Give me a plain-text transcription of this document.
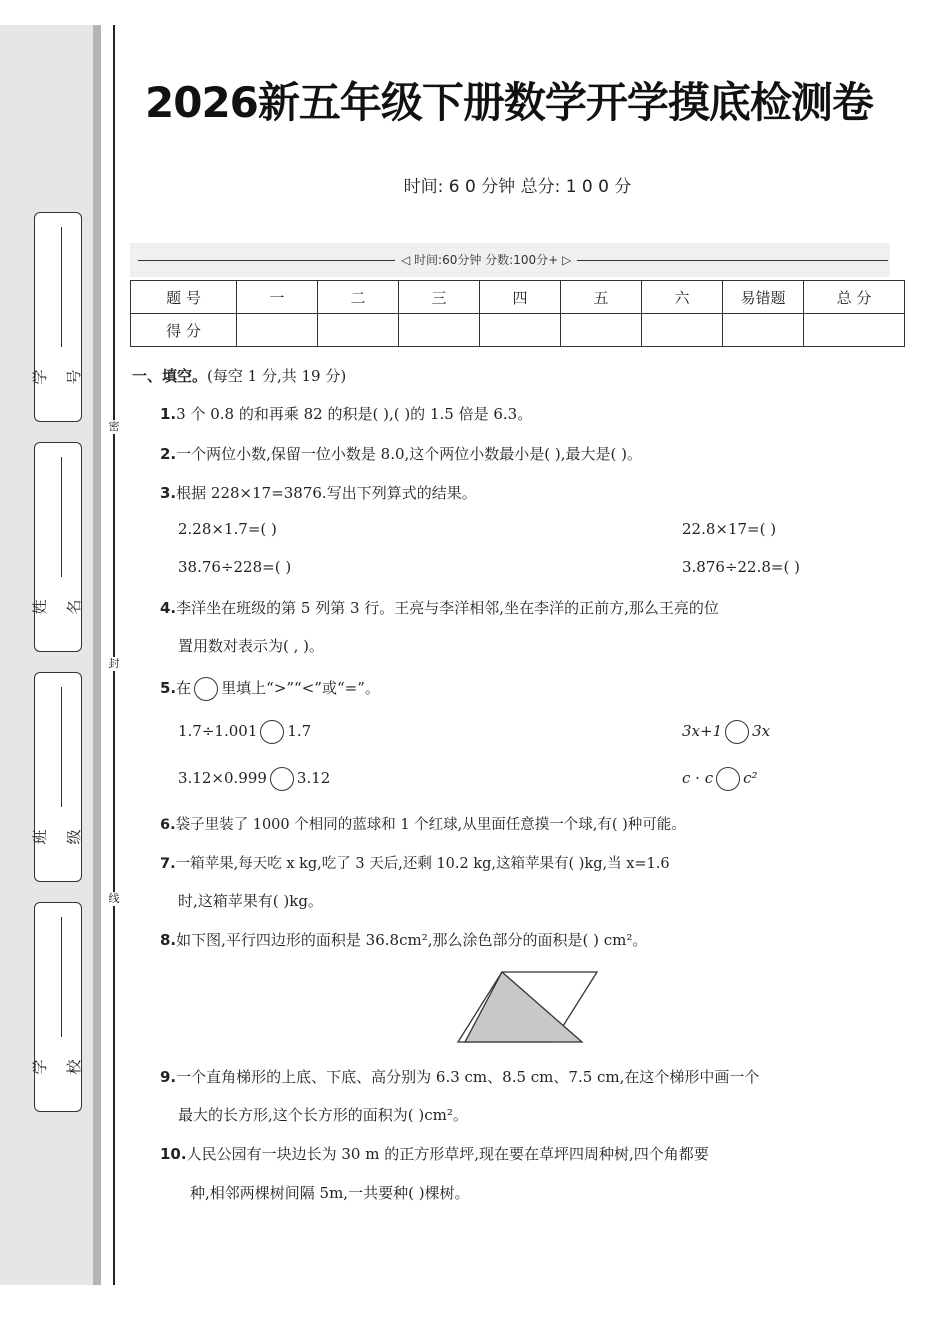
密
封
线
学 号
姓 名
班 级
学 校
2026新五年级下册数学开学摸底检测卷
时间: 6 0 分钟 总分: 1 0 0 分
◁ 时间:60分钟 分数:100分+ ▷
题 号	一	二	三	四	五	六	易错题	总 分
得 分								
一、填空。(每空 1 分,共 19 分)
1.3 个 0.8 的和再乘 82 的积是( ),( )的 1.5 倍是 6.3。
2.一个两位小数,保留一位小数是 8.0,这个两位小数最小是( ),最大是( )。
3.根据 228×17=3876.写出下列算式的结果。
2.28×1.7=( )	22.8×17=( )
38.76÷228=( )	3.876÷22.8=( )
4.李洋坐在班级的第 5 列第 3 行。王亮与李洋相邻,坐在李洋的正前方,那么王亮的位
置用数对表示为( , )。
5.在 里填上“>”“<”或“=”。
1.7÷1.001 1.7	3x+1 3x
3.12×0.999 3.12	c · c c²
6.袋子里装了 1000 个相同的蓝球和 1 个红球,从里面任意摸一个球,有( )种可能。
7.一箱苹果,每天吃 x kg,吃了 3 天后,还剩 10.2 kg,这箱苹果有( )kg,当 x=1.6
时,这箱苹果有( )kg。
8.如下图,平行四边形的面积是 36.8cm²,那么涂色部分的面积是( ) cm²。
9.一个直角梯形的上底、下底、高分别为 6.3 cm、8.5 cm、7.5 cm,在这个梯形中画一个
最大的长方形,这个长方形的面积为( )cm²。
10.人民公园有一块边长为 30 m 的正方形草坪,现在要在草坪四周种树,四个角都要
种,相邻两棵树间隔 5m,一共要种( )棵树。
